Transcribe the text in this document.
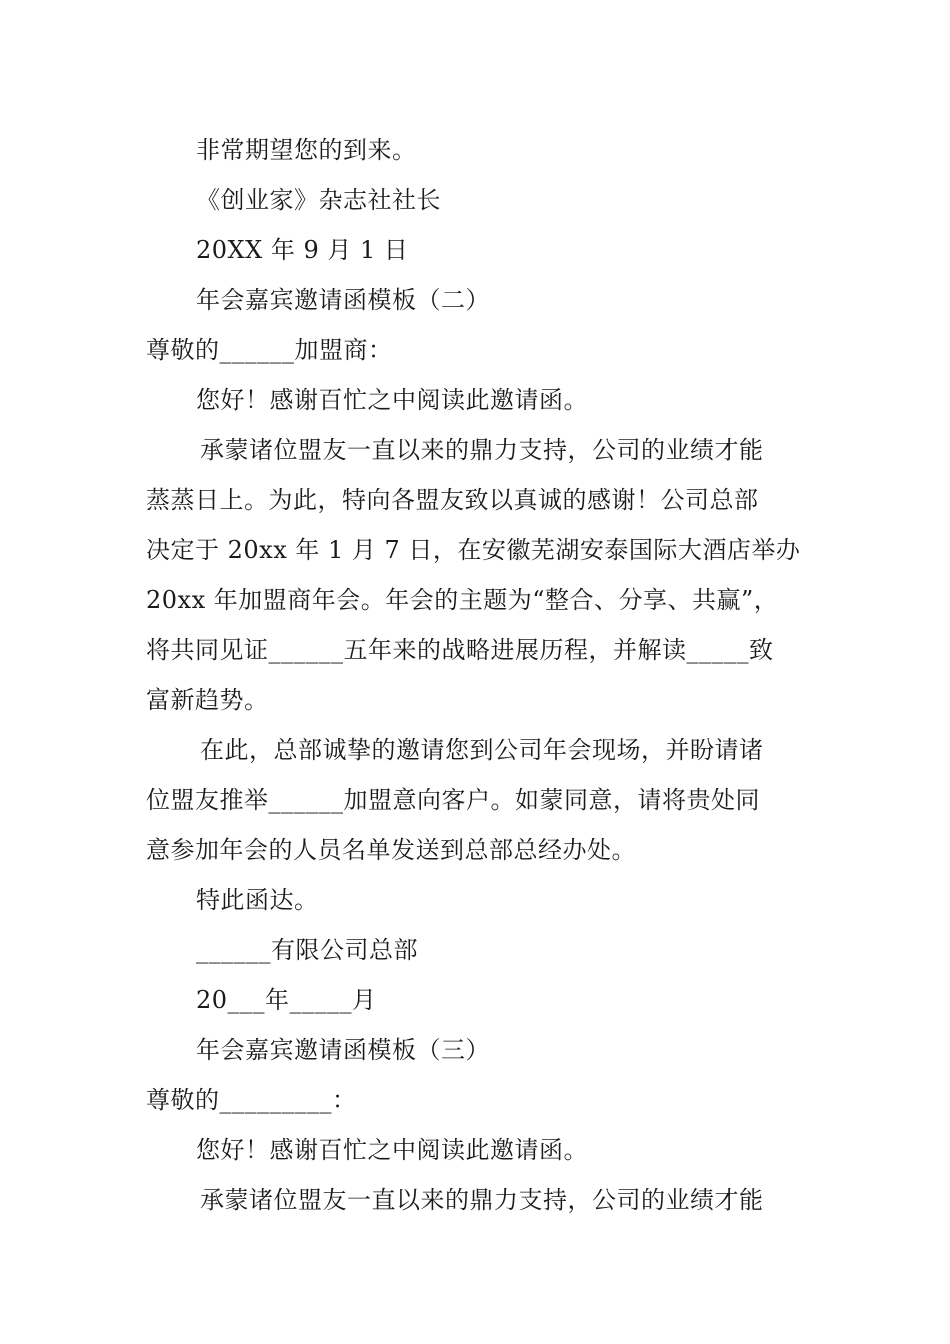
非常期望您的到来。
《创业家》杂志社社长
20XX 年 9 月 1 日
年会嘉宾邀请函模板（二）
尊敬的______加盟商：
您好！感谢百忙之中阅读此邀请函。
承蒙诸位盟友一直以来的鼎力支持，公司的业绩才能
蒸蒸日上。为此，特向各盟友致以真诚的感谢！公司总部
决定于 20xx 年 1 月 7 日，在安徽芜湖安泰国际大酒店举办
20xx 年加盟商年会。年会的主题为“整合、分享、共赢”，
将共同见证______五年来的战略进展历程，并解读_____致
富新趋势。
在此，总部诚挚的邀请您到公司年会现场，并盼请诸
位盟友推举______加盟意向客户。如蒙同意，请将贵处同
意参加年会的人员名单发送到总部总经办处。
特此函达。
______有限公司总部
20___年_____月
年会嘉宾邀请函模板（三）
尊敬的_________：
您好！感谢百忙之中阅读此邀请函。
承蒙诸位盟友一直以来的鼎力支持，公司的业绩才能
